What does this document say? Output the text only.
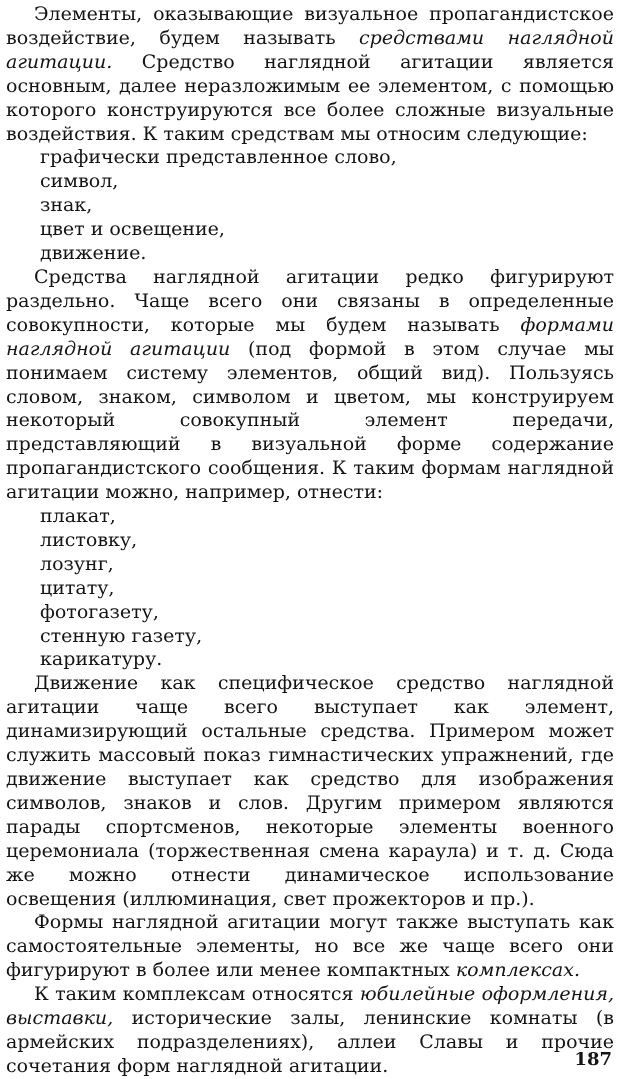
Элементы, оказывающие визуальное пропагандистское воздействие, будем называть средствами наглядной агитации. Средство наглядной агитации является основным, далее неразложимым ее элементом, с помощью которого конструируются все более сложные визуальные воздействия. К таким средствам мы относим следующие:

графически представленное слово,
символ,
знак,
цвет и освещение,
движение.

Средства наглядной агитации редко фигурируют раздельно. Чаще всего они связаны в определенные совокупности, которые мы будем называть формами наглядной агитации (под формой в этом случае мы понимаем систему элементов, общий вид). Пользуясь словом, знаком, символом и цветом, мы конструируем некоторый совокупный элемент передачи, представляющий в визуальной форме содержание пропагандистского сообщения. К таким формам наглядной агитации можно, например, отнести:

плакат,
листовку,
лозунг,
цитату,
фотогазету,
стенную газету,
карикатуру.

Движение как специфическое средство наглядной агитации чаще всего выступает как элемент, динамизирующий остальные средства. Примером может служить массовый показ гимнастических упражнений, где движение выступает как средство для изображения символов, знаков и слов. Другим примером являются парады спортсменов, некоторые элементы военного церемониала (торжественная смена караула) и т. д. Сюда же можно отнести динамическое использование освещения (иллюминация, свет прожекторов и пр.).

Формы наглядной агитации могут также выступать как самостоятельные элементы, но все же чаще всего они фигурируют в более или менее компактных комплексах.

К таким комплексам относятся юбилейные оформления, выставки, исторические залы, ленинские комнаты (в армейских подразделениях), аллеи Славы и прочие сочетания форм наглядной агитации.	187
